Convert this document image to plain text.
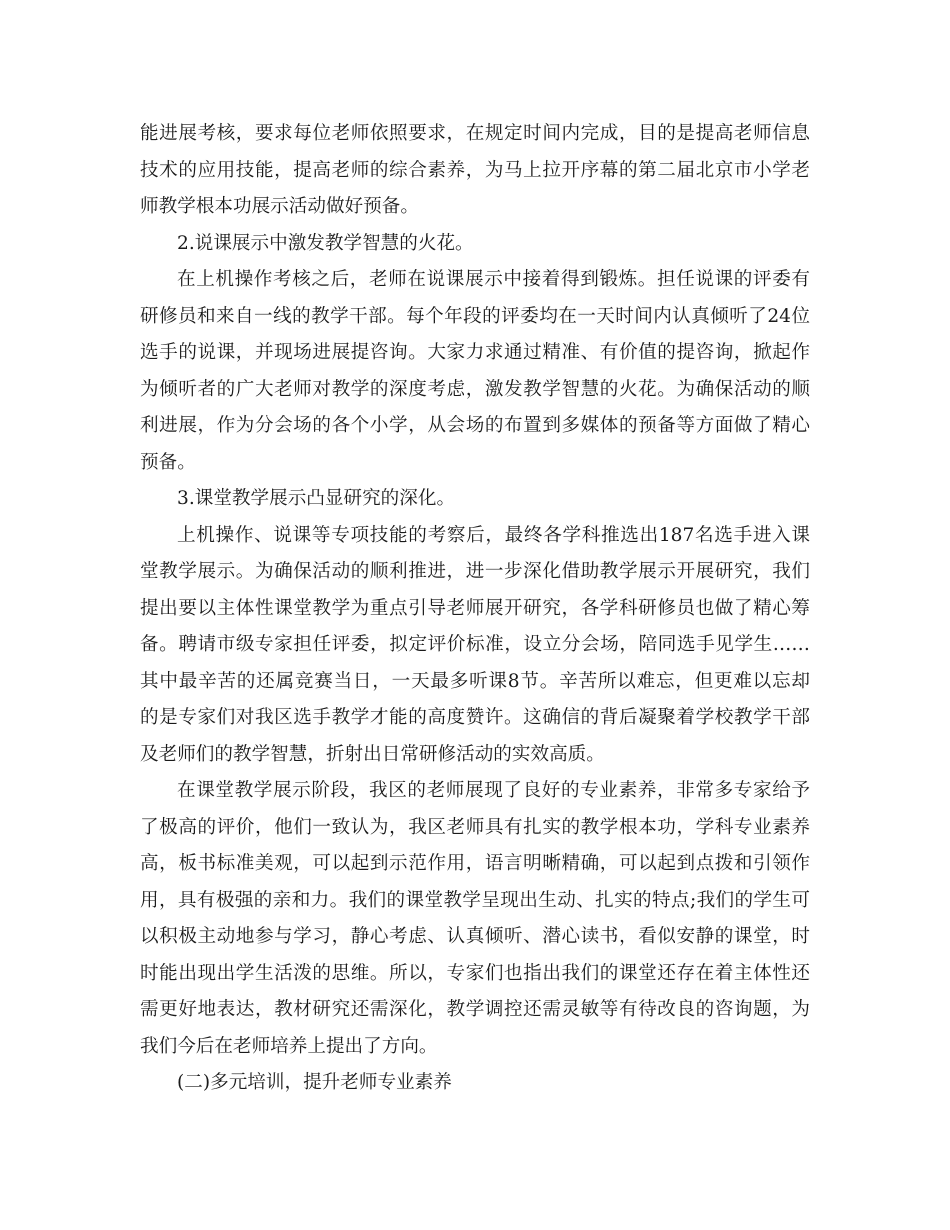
能进展考核，要求每位老师依照要求，在规定时间内完成，目的是提高老师信息
技术的应用技能，提高老师的综合素养，为马上拉开序幕的第二届北京市小学老
师教学根本功展示活动做好预备。
2.说课展示中激发教学智慧的火花。
在上机操作考核之后，老师在说课展示中接着得到锻炼。担任说课的评委有
研修员和来自一线的教学干部。每个年段的评委均在一天时间内认真倾听了24位
选手的说课，并现场进展提咨询。大家力求通过精准、有价值的提咨询，掀起作
为倾听者的广大老师对教学的深度考虑，激发教学智慧的火花。为确保活动的顺
利进展，作为分会场的各个小学，从会场的布置到多媒体的预备等方面做了精心
预备。
3.课堂教学展示凸显研究的深化。
上机操作、说课等专项技能的考察后，最终各学科推选出187名选手进入课
堂教学展示。为确保活动的顺利推进，进一步深化借助教学展示开展研究，我们
提出要以主体性课堂教学为重点引导老师展开研究，各学科研修员也做了精心筹
备。聘请市级专家担任评委，拟定评价标准，设立分会场，陪同选手见学生……
其中最辛苦的还属竞赛当日，一天最多听课8节。辛苦所以难忘，但更难以忘却
的是专家们对我区选手教学才能的高度赞许。这确信的背后凝聚着学校教学干部
及老师们的教学智慧，折射出日常研修活动的实效高质。
在课堂教学展示阶段，我区的老师展现了良好的专业素养，非常多专家给予
了极高的评价，他们一致认为，我区老师具有扎实的教学根本功，学科专业素养
高，板书标准美观，可以起到示范作用，语言明晰精确，可以起到点拨和引领作
用，具有极强的亲和力。我们的课堂教学呈现出生动、扎实的特点;我们的学生可
以积极主动地参与学习，静心考虑、认真倾听、潜心读书，看似安静的课堂，时
时能出现出学生活泼的思维。所以，专家们也指出我们的课堂还存在着主体性还
需更好地表达，教材研究还需深化，教学调控还需灵敏等有待改良的咨询题，为
我们今后在老师培养上提出了方向。
(二)多元培训，提升老师专业素养
